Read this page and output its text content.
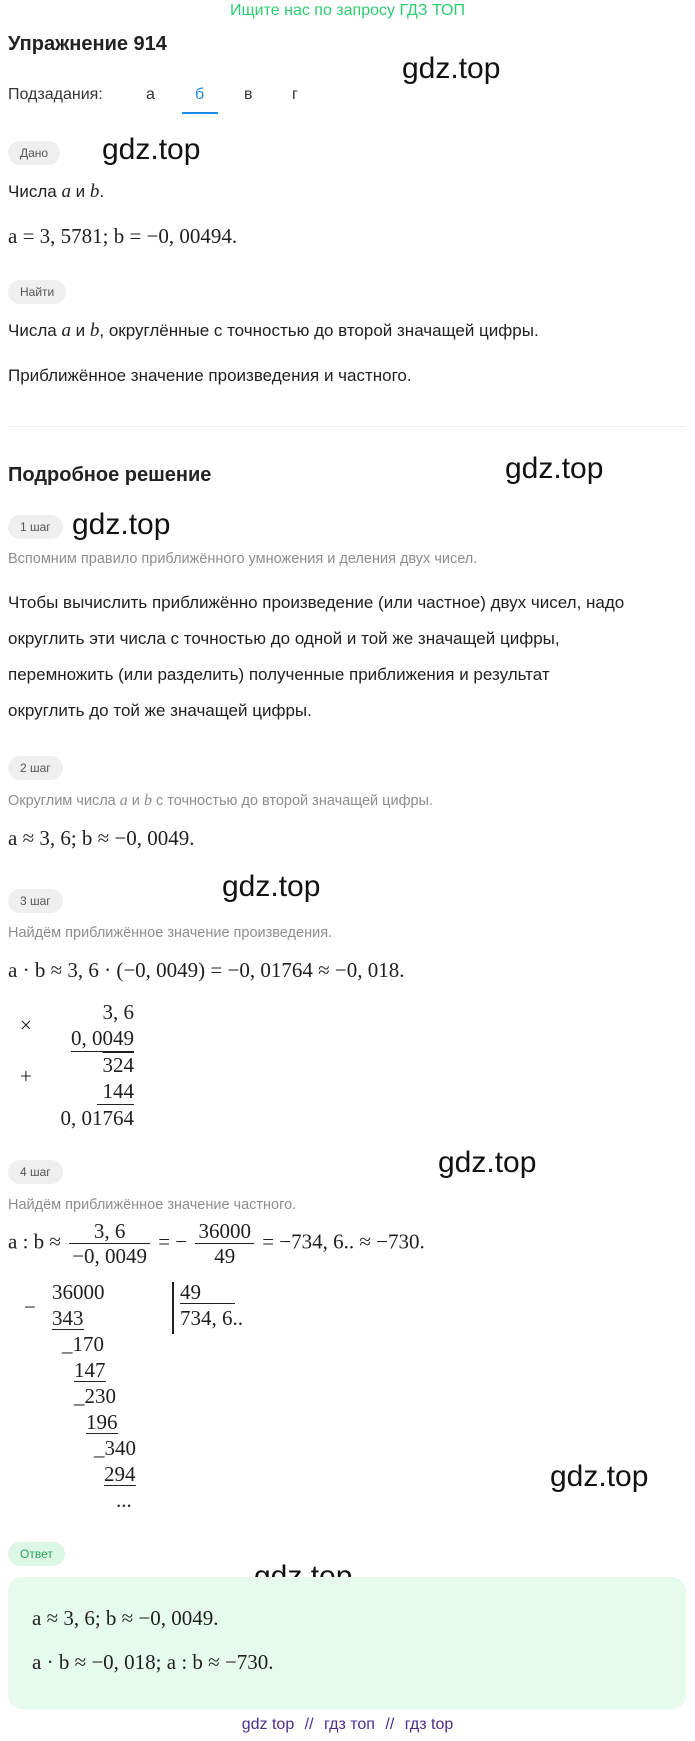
Ищите нас по запросу ГДЗ ТОП
Упражнение 914
Подзадания:	а	б в г
gdz.top
gdz.top
gdz.top
gdz.top
gdz.top
gdz.top
gdz.top
Дано
Числа a и b.
a = 3, 5781; b = −0, 00494.
Найти
Числа a и b, округлённые с точностью до второй значащей цифры.
Приближённое значение произведения и частного.
Подробное решение
1 шаг
Вспомним правило приближённого умножения и деления двух чисел.
Чтобы вычислить приближённо произведение (или частное) двух чисел, надо
округлить эти числа с точностью до одной и той же значащей цифры,
перемножить (или разделить) полученные приближения и результат
округлить до той же значащей цифры.
2 шаг
Округлим числа a и b с точностью до второй значащей цифры.
a ≈ 3, 6; b ≈ −0, 0049.
3 шаг
Найдём приближённое значение произведения.
a · b ≈ 3, 6 · (−0, 0049) = −0, 01764 ≈ −0, 018.
×
+
3, 6
0, 0049
324
144
0, 01764
4 шаг
Найдём приближённое значение частного.
a : $b \approx \frac{3, 6}{-0, 0049}$ = − $\frac{36000}{49} = -734$, 6.. ≈ −730.
−
36000
343
_170
147
_230
196
_340
294
...
49
734, 6..
Ответ
a ≈ 3, 6; b ≈ −0, 0049.
a · b ≈ −0, 018; a : b ≈ −730.
gdz top // гдз топ // гдз top
